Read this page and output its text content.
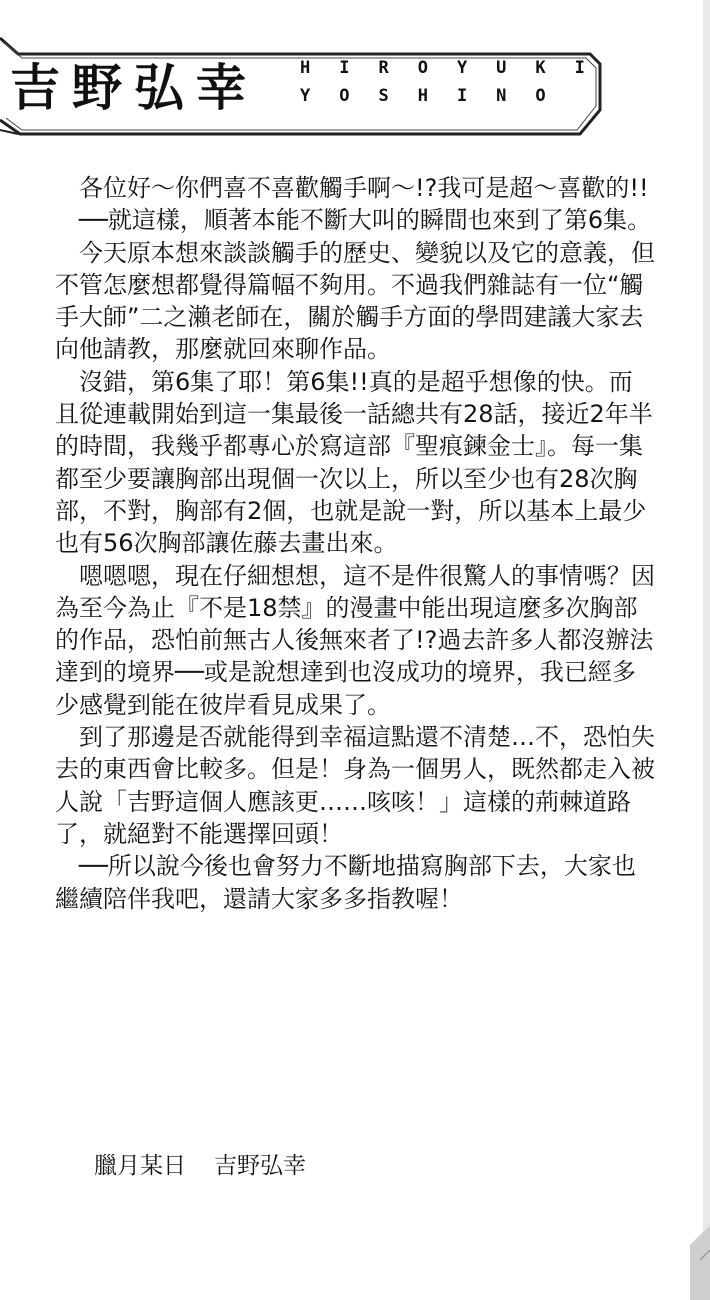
吉野弘幸 HIROYUKI
YOSHINO

各位好～你們喜不喜歡觸手啊～!?我可是超～喜歡的!!

──就這樣，順著本能不斷大叫的瞬間也來到了第6集。

今天原本想來談談觸手的歷史、變貌以及它的意義，但不管怎麼想都覺得篇幅不夠用。不過我們雜誌有一位“觸手大師”二之瀨老師在，關於觸手方面的學問建議大家去向他請教，那麼就回來聊作品。

沒錯，第6集了耶！第6集!!真的是超乎想像的快。而且從連載開始到這一集最後一話總共有28話，接近2年半的時間，我幾乎都專心於寫這部『聖痕鍊金士』。每一集都至少要讓胸部出現個一次以上，所以至少也有28次胸部，不對，胸部有2個，也就是說一對，所以基本上最少也有56次胸部讓佐藤去畫出來。

嗯嗯嗯，現在仔細想想，這不是件很驚人的事情嗎？因為至今為止『不是18禁』的漫畫中能出現這麼多次胸部的作品，恐怕前無古人後無來者了!?過去許多人都沒辦法達到的境界──或是說想達到也沒成功的境界，我已經多少感覺到能在彼岸看見成果了。

到了那邊是否就能得到幸福這點還不清楚…不，恐怕失去的東西會比較多。但是！身為一個男人，既然都走入被人說「吉野這個人應該更……咳咳！」這樣的荊棘道路了，就絕對不能選擇回頭！

──所以說今後也會努力不斷地描寫胸部下去，大家也繼續陪伴我吧，還請大家多多指教喔！

臘月某日 吉野弘幸
